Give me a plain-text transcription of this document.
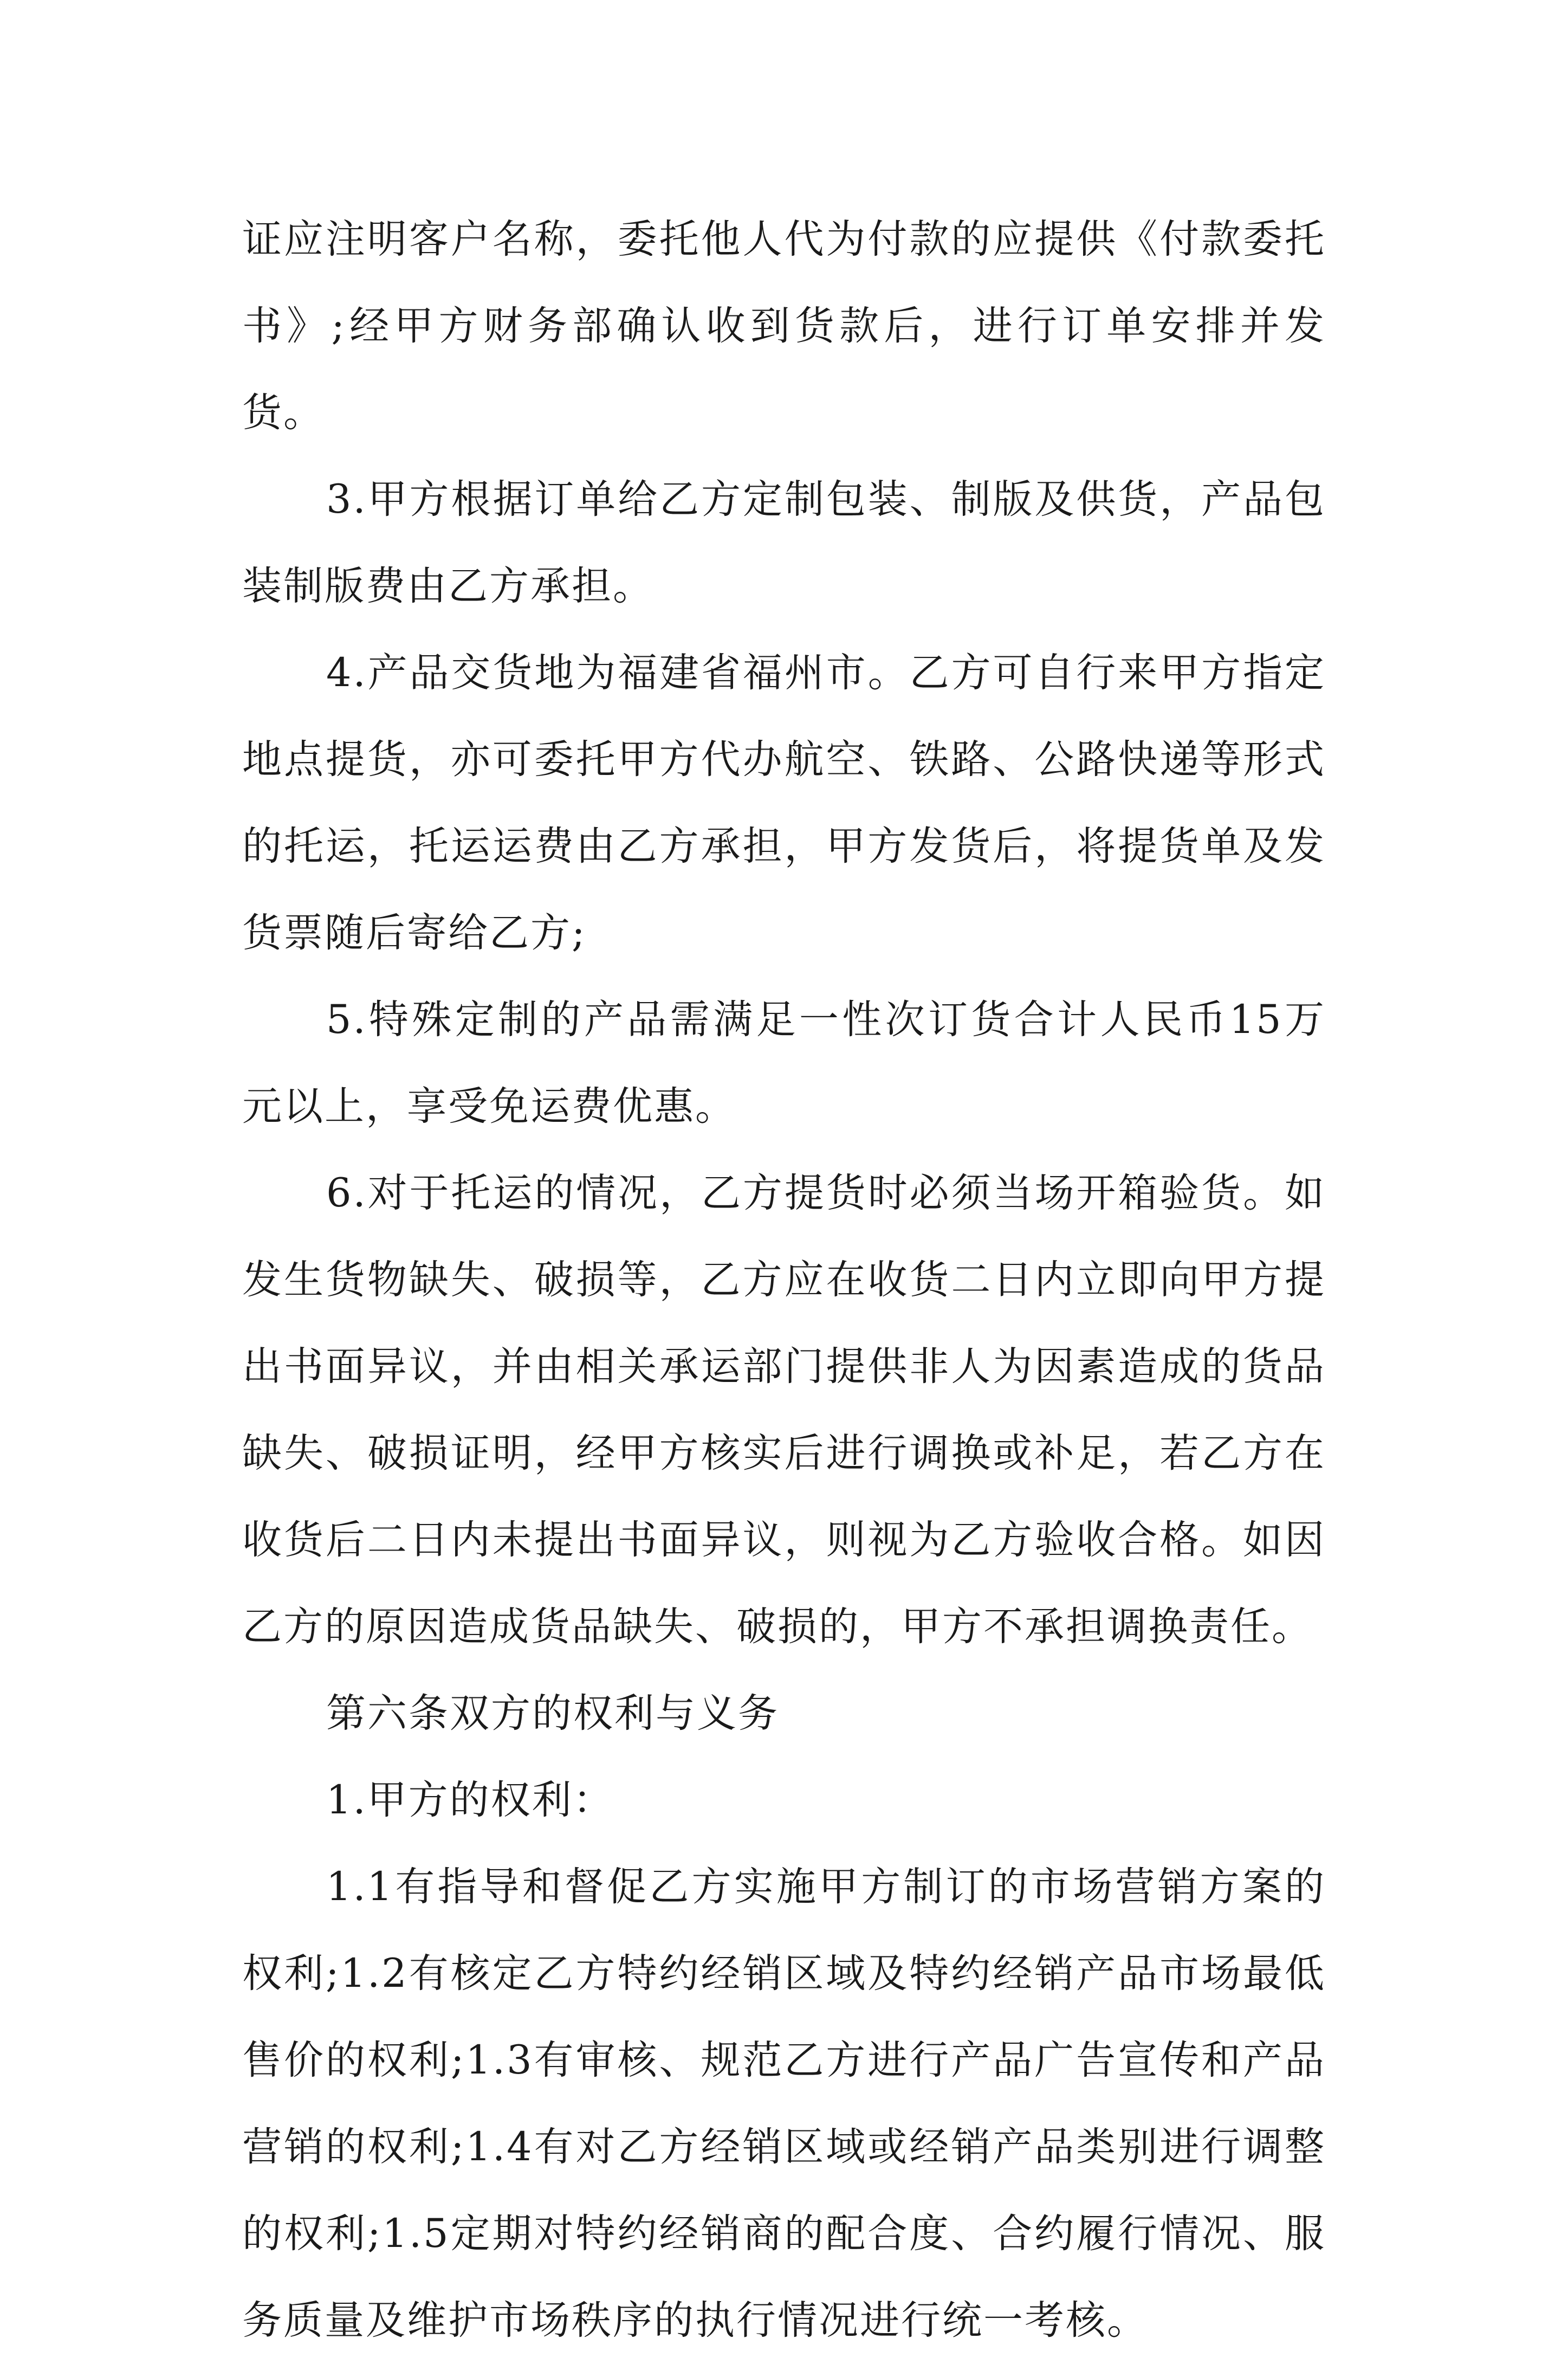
证应注明客户名称，委托他人代为付款的应提供《付款委托书》;经甲方财务部确认收到货款后，进行订单安排并发货。

3.甲方根据订单给乙方定制包装、制版及供货，产品包装制版费由乙方承担。

4.产品交货地为福建省福州市。乙方可自行来甲方指定地点提货，亦可委托甲方代办航空、铁路、公路快递等形式的托运，托运运费由乙方承担，甲方发货后，将提货单及发货票随后寄给乙方;

5.特殊定制的产品需满足一性次订货合计人民币15万元以上，享受免运费优惠。

6.对于托运的情况，乙方提货时必须当场开箱验货。如发生货物缺失、破损等，乙方应在收货二日内立即向甲方提出书面异议，并由相关承运部门提供非人为因素造成的货品缺失、破损证明，经甲方核实后进行调换或补足，若乙方在收货后二日内未提出书面异议，则视为乙方验收合格。如因乙方的原因造成货品缺失、破损的，甲方不承担调换责任。

第六条双方的权利与义务

1.甲方的权利：

1.1有指导和督促乙方实施甲方制订的市场营销方案的权利;1.2有核定乙方特约经销区域及特约经销产品市场最低售价的权利;1.3有审核、规范乙方进行产品广告宣传和产品营销的权利;1.4有对乙方经销区域或经销产品类别进行调整的权利;1.5定期对特约经销商的配合度、合约履行情况、服务质量及维护市场秩序的执行情况进行统一考核。
